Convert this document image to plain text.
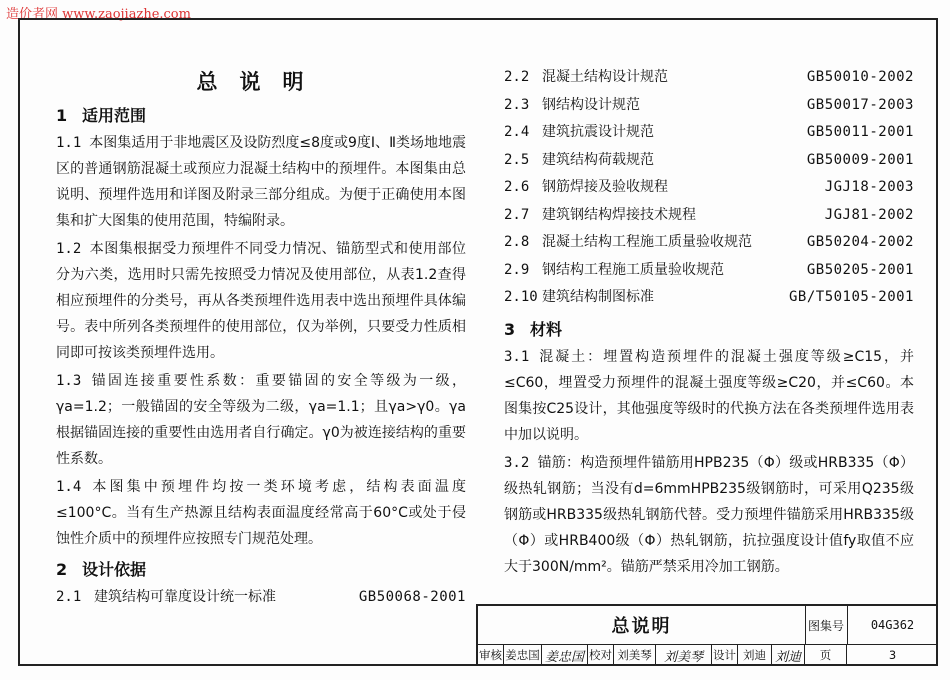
造价者网 www.zaojiazhe.com
总说明
1 适用范围
1.1 本图集适用于非地震区及设防烈度≤8度或9度Ⅰ、Ⅱ类场地地震区的普通钢筋混凝土或预应力混凝土结构中的预埋件。本图集由总说明、预埋件选用和详图及附录三部分组成。为便于正确使用本图集和扩大图集的使用范围，特编附录。
1.2 本图集根据受力预埋件不同受力情况、锚筋型式和使用部位分为六类，选用时只需先按照受力情况及使用部位，从表1.2查得相应预埋件的分类号，再从各类预埋件选用表中选出预埋件具体编号。表中所列各类预埋件的使用部位，仅为举例，只要受力性质相同即可按该类预埋件选用。
1.3 锚固连接重要性系数：重要锚固的安全等级为一级，γa=1.2；一般锚固的安全等级为二级，γa=1.1；且γa>γ0。γa根据锚固连接的重要性由选用者自行确定。γ0为被连接结构的重要性系数。
1.4 本图集中预埋件均按一类环境考虑，结构表面温度≤100°C。当有生产热源且结构表面温度经常高于60°C或处于侵蚀性介质中的预埋件应按照专门规范处理。
2 设计依据
2.1 建筑结构可靠度设计统一标准	GB50068-2001
2.2 混凝土结构设计规范	GB50010-2002
2.3 钢结构设计规范	GB50017-2003
2.4 建筑抗震设计规范	GB50011-2001
2.5 建筑结构荷载规范	GB50009-2001
2.6 钢筋焊接及验收规程	JGJ18-2003
2.7 建筑钢结构焊接技术规程	JGJ81-2002
2.8 混凝土结构工程施工质量验收规范	GB50204-2002
2.9 钢结构工程施工质量验收规范	GB50205-2001
2.10 建筑结构制图标准	GB/T50105-2001
3 材料
3.1 混凝土：埋置构造预埋件的混凝土强度等级≥C15，并≤C60，埋置受力预埋件的混凝土强度等级≥C20，并≤C60。本图集按C25设计，其他强度等级时的代换方法在各类预埋件选用表中加以说明。
3.2 锚筋：构造预埋件锚筋用HPB235（Φ）级或HRB335（Φ）级热轧钢筋；当没有d=6mmHPB235级钢筋时，可采用Q235级钢筋或HRB335级热轧钢筋代替。受力预埋件锚筋采用HRB335级（Φ）或HRB400级（Φ）热轧钢筋，抗拉强度设计值fy取值不应大于300N/mm²。锚筋严禁采用冷加工钢筋。
总说明	图集号	04G362
审核 姜忠国 姜忠国 校对 刘美琴 刘美琴 设计 刘迪 刘迪	页	3
